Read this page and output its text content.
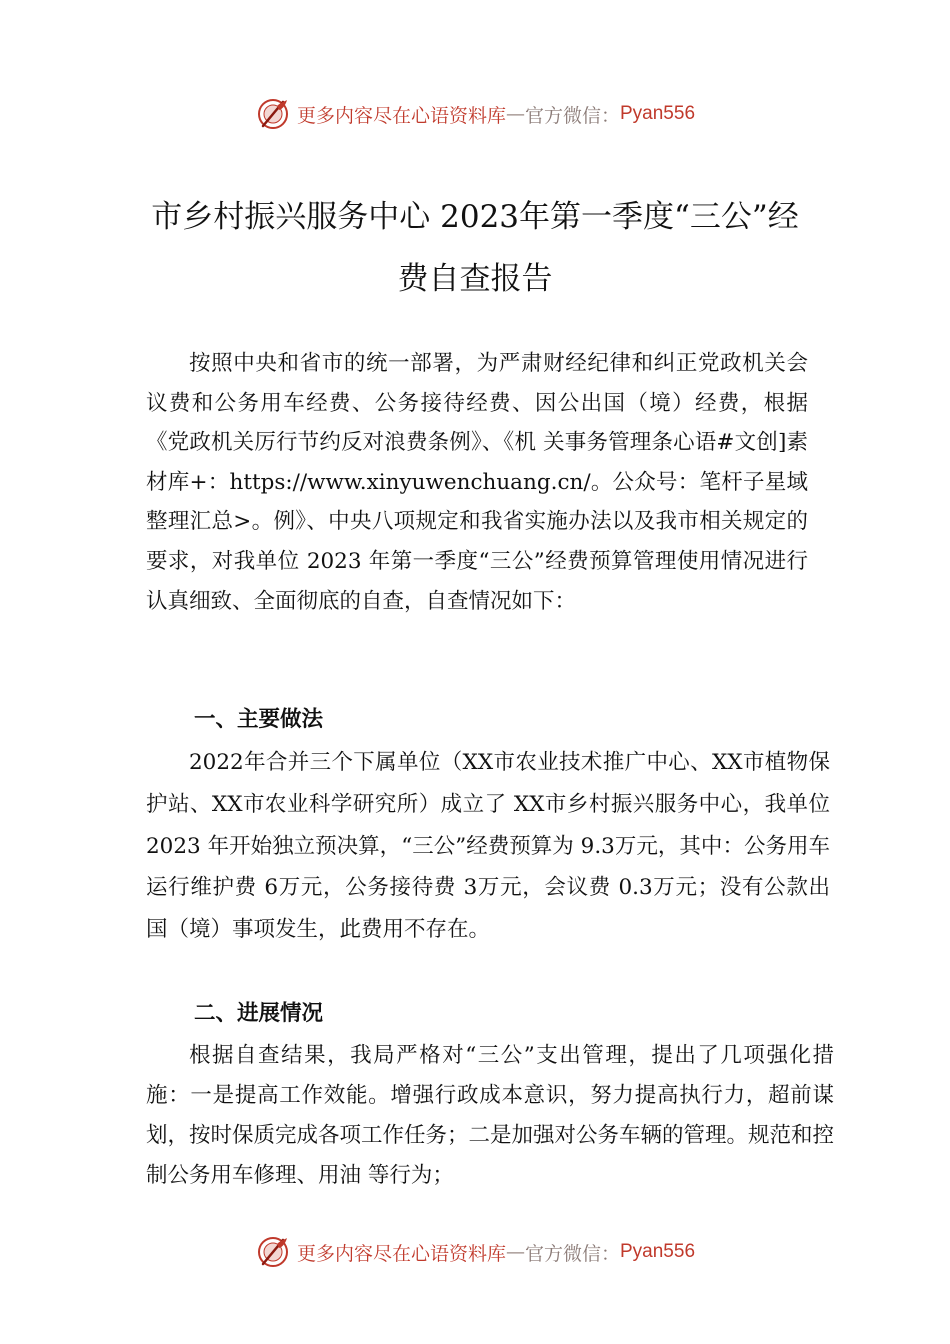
更多内容尽在心语资料库 — 官方微信： Pyan556
市乡村振兴服务中心 2023年第一季度“三公”经费自查报告

按照中央和省市的统一部署，为严肃财经纪律和纠正党政机关会议费和公务用车经费、公务接待经费、因公出国（境）经费，根据《党政机关厉行节约反对浪费条例》、《机 关事务管理条心语#文创]素材库+：https://www.xinyuwenchuang.cn/。公众号：笔杆子星域整理汇总>。例》、中央八项规定和我省实施办法以及我市相关规定的要求，对我单位 2023 年第一季度“三公”经费预算管理使用情况进行认真细致、全面彻底的自查，自查情况如下：

一、主要做法

2022年合并三个下属单位（XX市农业技术推广中心、XX市植物保护站、XX市农业科学研究所）成立了 XX市乡村振兴服务中心，我单位 2023 年开始独立预决算，“三公”经费预算为 9.3万元，其中：公务用车运行维护费 6万元，公务接待费 3万元，会议费 0.3万元；没有公款出国（境）事项发生，此费用不存在。

二、进展情况

根据自查结果，我局严格对“三公”支出管理，提出了几项强化措施：一是提高工作效能。增强行政成本意识，努力提高执行力，超前谋划，按时保质完成各项工作任务；二是加强对公务车辆的管理。规范和控制公务用车修理、用油 等行为；

更多内容尽在心语资料库 — 官方微信： Pyan556
